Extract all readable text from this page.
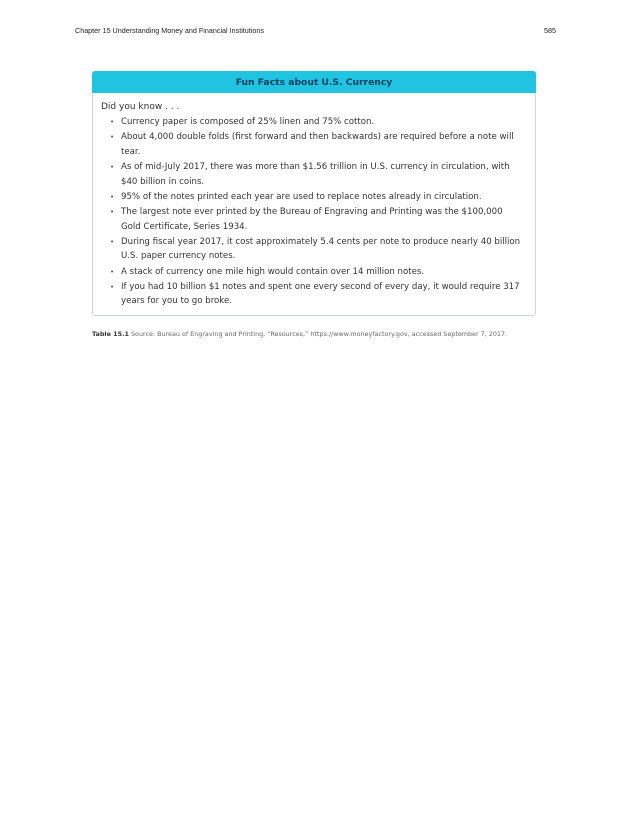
Chapter 15 Understanding Money and Financial Institutions	585
Fun Facts about U.S. Currency

Did you know . . .

• Currency paper is composed of 25% linen and 75% cotton.
• About 4,000 double folds (first forward and then backwards) are required before a note will tear.
• As of mid-July 2017, there was more than $1.56 trillion in U.S. currency in circulation, with $40 billion in coins.
• 95% of the notes printed each year are used to replace notes already in circulation.
• The largest note ever printed by the Bureau of Engraving and Printing was the $100,000 Gold Certificate, Series 1934.
• During fiscal year 2017, it cost approximately 5.4 cents per note to produce nearly 40 billion U.S. paper currency notes.
• A stack of currency one mile high would contain over 14 million notes.
• If you had 10 billion $1 notes and spent one every second of every day, it would require 317 years for you to go broke.
Table 15.1 Source: Bureau of Engraving and Printing, “Resources,” https://www.moneyfactory.gov, accessed September 7, 2017.
